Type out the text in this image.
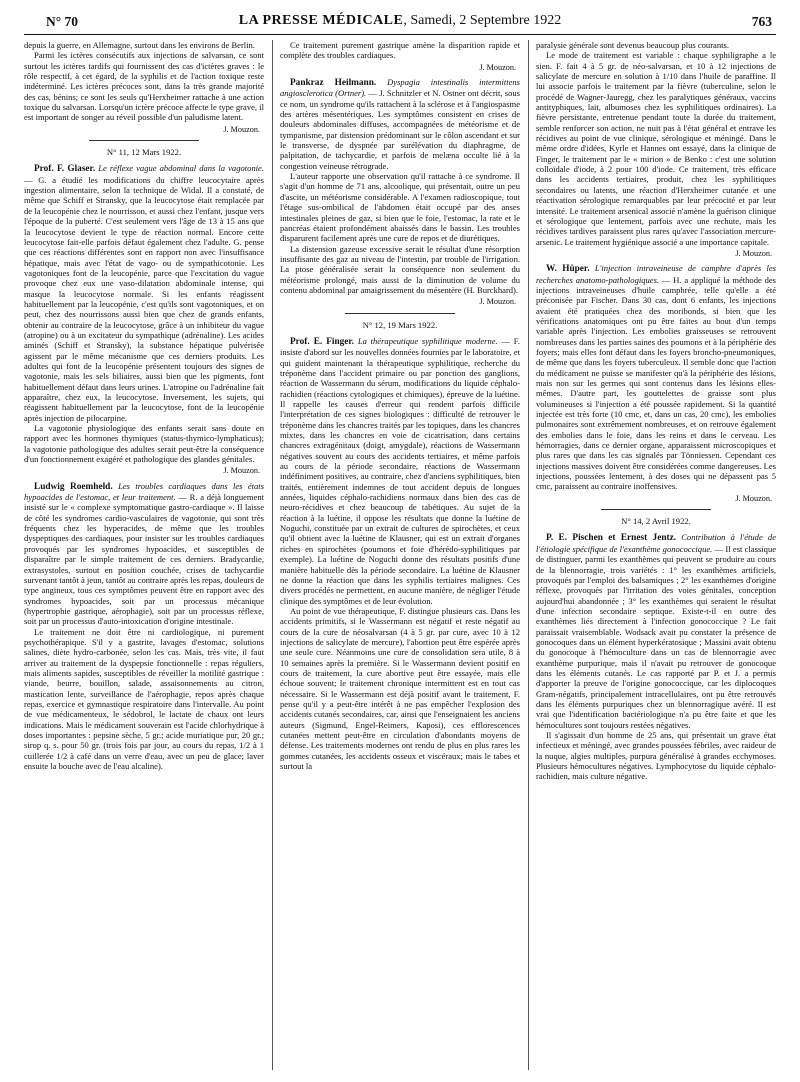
N° 70	LA PRESSE MÉDICALE, Samedi, 2 Septembre 1922	763

depuis la guerre, en Allemagne, surtout dans les environs de Berlin.

Parmi les ictères consécutifs aux injections de salvarsan, ce sont surtout les ictères tardifs qui fournissent des cas d'ictères graves : le rôle respectif, à cet égard, de la syphilis et de l'action toxique reste indéterminé. Les ictères précoces sont, dans la très grande majorité des cas, bénins; ce sont les seuls qu'Herxheimer rattache à une action toxique du salvarsan. Lorsqu'un ictère précoce affecte le type grave, il est important de songer au réveil possible d'un paludisme latent.

J. Mouzon.
N° 11, 12 Mars 1922.

Prof. F. Glaser. Le réflexe vague abdominal dans la vagotonie. — G. a étudié les modifications du chiffre leucocytaire après ingestion alimentaire, selon la technique de Widal. Il a constaté, de même que Schiff et Stransky, que la leucocytose était remplacée par de la leucopénie chez le nourrisson, et aussi chez l'enfant, jusque vers l'époque de la puberté. C'est seulement vers l'âge de 13 à 15 ans que la leucocytose devient le type de réaction normal. Encore cette leucocytose fait-elle parfois défaut également chez l'adulte. G. pense que ces réactions différentes sont en rapport non avec l'insuffisance hépatique, mais avec l'état de vago- ou de sympathicotonie. Les vagotoniques font de la leucopénie, parce que l'excitation du vague provoque chez eux une vaso-dilatation abdominale intense, qui masque la leucocytose normale. Si les enfants réagissent habituellement par la leucopénie, c'est qu'ils sont vagotoniques, et on peut, chez des nourrissons aussi bien que chez de grands enfants, obtenir au contraire de la leucocytose, grâce à un inhibiteur du vague (atropine) ou à un excitateur du sympathique (adrénaline). Les acides aminés (Schiff et Stransky), la substance hépatique pulvérisée agissent par le même mécanisme que ces derniers produits. Les adultes qui font de la leucopénie présentent toujours des signes de vagotonie, mais les sels biliaires, aussi bien que les pigments, font habituellement défaut dans leurs urines. L'atropine ou l'adrénaline fait apparaître, chez eux, la leucocytose. Inversement, les sujets, qui réagissent habituellement par la leucocytose, font de la leucopénie après injection de pilocarpine.

La vagotonie physiologique des enfants serait sans doute en rapport avec les hormones thymiques (status-thymico-lymphaticus); la vagotonie pathologique des adultes serait peut-être la conséquence d'un fonctionnement exagéré et pathologique des glandes génitales.

J. Mouzon.

Ludwig Roemheld. Les troubles cardiaques dans les états hypoacides de l'estomac, et leur traitement. — R. a déjà longuement insisté sur le « complexe symptomatique gastro-cardiaque ». Il laisse de côté les syndromes cardio-vasculaires de vagotonie, qui sont très fréquents chez les hyperacides, de même que les troubles dyspeptiques des cardiaques, pour insister sur les troubles cardiaques provoqués par les syndromes hypoacides, et susceptibles de disparaître par le simple traitement de ces derniers. Bradycardie, extrasystoles, surtout en position couchée, crises de tachycardie survenant tantôt à jeun, tantôt au contraire après les repas, douleurs de type angineux, tous ces symptômes peuvent être en rapport avec des syndromes hypoacides, soit par un processus mécanique (hypertrophie gastrique, aérophagie), soit par un processus réflexe, soit par un processus d'auto-intoxication d'origine intestinale.

Le traitement ne doit être ni cardiologique, ni purement psychothérapique. S'il y a gastrite, lavages d'estomac, solutions salines, diète hydro-carbonée, selon les cas. Mais, très vite, il faut arriver au traitement de la dyspepsie fonctionnelle : repas réguliers, mais aliments sapides, susceptibles de réveiller la motilité gastrique : viande, beurre, bouillon, salade, assaisonnements au citron, mastication lente, surveillance de l'aérophagie, repos après chaque repas, exercice et gymnastique respiratoire dans l'intervalle. Au point de vue médicamenteux, le sédobrol, le lactate de chaux ont leurs indications. Mais le médicament souverain est l'acide chlorhydrique à doses importantes : pepsine sèche, 5 gr.; acide muriatique pur, 20 gr.; sirop q. s. pour 50 gr. (trois fois par jour, au cours du repas, 1/2 à 1 cuillerée 1/2 à café dans un verre d'eau, avec un peu de glace; laver ensuite la bouche avec de l'eau alcaline).

Ce traitement purement gastrique amène la disparition rapide et complète des troubles cardiaques.

J. Mouzon.

Pankraz Heilmann. Dyspagia intestinalis intermittens angiosclerotica (Ortner). — J. Schnitzler et N. Ostner ont décrit, sous ce nom, un syndrome qu'ils rattachent à la sclérose et à l'angiospasme des artères mésentériques. Les symptômes consistent en crises de douleurs abdominales diffuses, accompagnées de météorisme et de tympanisme, par distension prédominant sur le côlon ascendant et sur le transverse, de dyspnée par surélévation du diaphragme, de palpitation, de tachycardie, et parfois de melæna occulte lié à la congestion veineuse rétrograde.

L'auteur rapporte une observation qu'il rattache à ce syndrome. Il s'agit d'un homme de 71 ans, alcoolique, qui présentait, outre un peu d'ascite, un météorisme considérable. A l'examen radioscopique, tout l'étage sus-ombilical de l'abdomen était occupé par des anses intestinales pleines de gaz, si bien que le foie, l'estomac, la rate et le pancréas étaient profondément abaissés dans le bassin. Les troubles disparurent facilement après une cure de repos et de diurétiques.

La distension gazeuse excessive serait le résultat d'une résorption insuffisante des gaz au niveau de l'intestin, par trouble de l'irrigation. La ptose généralisée serait la conséquence non seulement du météorisme prolongé, mais aussi de la diminution de volume du contenu abdominal par amaigrissement du mésentère (H. Burckhard).

J. Mouzon.
N° 12, 19 Mars 1922.

Prof. E. Finger. La thérapeutique syphilitique moderne. — F. insiste d'abord sur les nouvelles données fournies par le laboratoire, et qui guident maintenant la thérapeutique syphilitique, recherche du tréponème dans l'accident primaire ou par ponction des ganglions, réaction de Wassermann du sérum, modifications du liquide céphalo-rachidien (réactions cytologiques et chimiques), épreuve de la luétine. Il rappelle les causes d'erreur qui rendent parfois difficile l'interprétation de ces signes biologiques : difficulté de retrouver le tréponème dans les chancres traités par les topiques, dans les chancres mixtes, dans les chancres en voie de cicatrisation, dans certains chancres extragénitaux (doigt, amygdale), réactions de Wassermann négatives souvent au cours des accidents tertiaires, et même parfois au cours de la période secondaire, réactions de Wassermann indéfiniment positives, au contraire, chez d'anciens syphilitiques, bien traités, entièrement indemnes de tout accident depuis de longues années, liquides céphalo-rachidiens normaux dans bien des cas de neuro-récidives et chez beaucoup de tabétiques. Au sujet de la réaction à la luétine, il oppose les résultats que donne la luétine de Noguchi, constituée par un extrait de cultures de spirochètes, et ceux qu'il obtient avec la luétine de Klausner, qui est un extrait d'organes riches en spirochètes (poumons et foie d'hérédo-syphilitiques par exemple). La luétine de Noguchi donne des résultats positifs d'une manière habituelle dès la période secondaire. La luétine de Klausner ne donne la réaction que dans les syphilis tertiaires malignes. Ces divers procédés ne permettent, en aucune manière, de négliger l'étude clinique des symptômes et de leur évolution.

Au point de vue thérapeutique, F. distingue plusieurs cas. Dans les accidents primitifs, si le Wassermann est négatif et reste négatif au cours de la cure de néosalvarsan (4 à 5 gr. par cure, avec 10 à 12 injections de salicylate de mercure), l'abortion peut être espérée après une seule cure. Néanmoins une cure de consolidation sera utile, 8 à 10 semaines après la première. Si le Wassermann devient positif en cours de traitement, la cure abortive peut être essayée, mais elle échoue souvent; le traitement chronique intermittent est en tout cas nécessaire. Si le Wassermann est déjà positif avant le traitement, F. pense qu'il y a peut-être intérêt à ne pas empêcher l'explosion des accidents cutanés secondaires, car, ainsi que l'enseignaient les anciens auteurs (Sigmund, Engel-Reimers, Kaposi), ces efflorescences cutanées mettent peut-être en circulation d'abondants moyens de défense. Les traitements modernes ont rendu de plus en plus rares les gommes cutanées, les accidents osseux et viscéraux; mais le tabes et surtout la

paralysie générale sont devenus beaucoup plus courants.

Le mode de traitement est variable : chaque syphiligraphe a le sien. F. fait 4 à 5 gr. de néo-salvarsan, et 10 à 12 injections de salicylate de mercure en solution à 1/10 dans l'huile de paraffine. Il lui associe parfois le traitement par la fièvre (tuberculine, selon le procédé de Wagner-Jauregg, chez les paralytiques généraux, vaccins antityphiques, lait, albumoses chez les syphilitiques ordinaires). La fièvre persistante, entretenue pendant toute la durée du traitement, semble renforcer son action, ne nuit pas à l'état général et entrave les récidives au point de vue clinique, sérologique et méningé. Dans le même ordre d'idées, Kyrle et Hannes ont essayé, dans la clinique de Finger, le traitement par le « mirion » de Benko : c'est une solution colloïdale d'iode, à 2 pour 100 d'iode. Ce traitement, très efficace dans les accidents tertiaires, produit, chez les syphilitiques secondaires ou latents, une réaction d'Herxheimer cutanée et une réactivation sérologique remarquables par leur précocité et par leur intensité. Le traitement arsenical associé n'amène la guérison clinique et sérologique que lentement, parfois avec une rechute, mais les récidives tardives paraissent plus rares qu'avec l'association mercure-arsenic. Le traitement hygiénique associé a une importance capitale.

J. Mouzon.

W. Hüper. L'injection intraveineuse de camphre d'après les recherches anatomo-pathologiques. — H. a appliqué la méthode des injections intraveineuses d'huile camphrée, telle qu'elle a été préconisée par Fischer. Dans 30 cas, dont 6 enfants, les injections avaient été pratiquées chez des moribonds, si bien que les vérifications anatomiques ont pu être faites au bout d'un temps variable après l'injection. Les embolies graisseuses se retrouvent nombreuses dans les parties saines des poumons et à la périphérie des foyers; mais elles font défaut dans les foyers broncho-pneumoniques, de même que dans les foyers tuberculeux. Il semble donc que l'action du médicament ne puisse se manifester qu'à la périphérie des lésions, mais non sur les germes qui sont contenus dans les lésions elles-mêmes. D'autre part, les gouttelettes de graisse sont plus volumineuses si l'injection a été poussée rapidement. Si la quantité injectée est très forte (10 cmc, et, dans un cas, 20 cmc), les embolies pulmonaires sont extrêmement nombreuses, et on retrouve également des embolies dans le foie, dans les reins et dans le cerveau. Les hémorragies, dans ce dernier organe, apparaissent microscopiques et plus rares que dans les cas signalés par Tönniessen. Cependant ces injections massives doivent être considérées comme dangereuses. Les injections, poussées lentement, à des doses qui ne dépassent pas 5 cmc, paraissent au contraire inoffensives.

J. Mouzon.
N° 14, 2 Avril 1922.

P. E. Pischen et Ernest Jentz. Contribution à l'étude de l'étiologie spécifique de l'exanthème gonococcique. — Il est classique de distinguer, parmi les exanthèmes qui peuvent se produire au cours de la blennorragie, trois variétés : 1° les exanthèmes artificiels, provoqués par l'emploi des balsamiques ; 2° les exanthèmes d'origine réflexe, provoqués par l'irritation des voies génitales, conception aujourd'hui abandonnée ; 3° les exanthèmes qui seraient le résultat d'une infection secondaire septique. Existe-t-il en outre des exanthèmes liés directement à l'infection gonococcique ? Le fait paraissait vraisemblable. Wodsack avait pu constater la présence de gonocoques dans un élément hyperkératosique ; Massini avait obtenu du gonocoque à l'hémoculture dans un cas de blennorragie avec exanthème purpurique, mais il n'avait pu retrouver de gonocoque dans les éléments cutanés. Le cas rapporté par P. et J. a permis d'apporter la preuve de l'origine gonococcique, car les diplocoques Gram-négatifs, principalement intracellulaires, ont pu être retrouvés dans les éléments purpuriques chez un blennorragique avéré. Il est vrai que l'identification bactériologique n'a pu être faite et que les hémocultures sont toujours restées négatives.

Il s'agissait d'un homme de 25 ans, qui présentait un grave état infectieux et méningé, avec grandes poussées fébriles, avec raideur de la nuque, algies multiples, purpura généralisé à grandes ecchymoses. Plusieurs hémocultures négatives. Lymphocytose du liquide céphalo-rachidien, mais culture négative.
